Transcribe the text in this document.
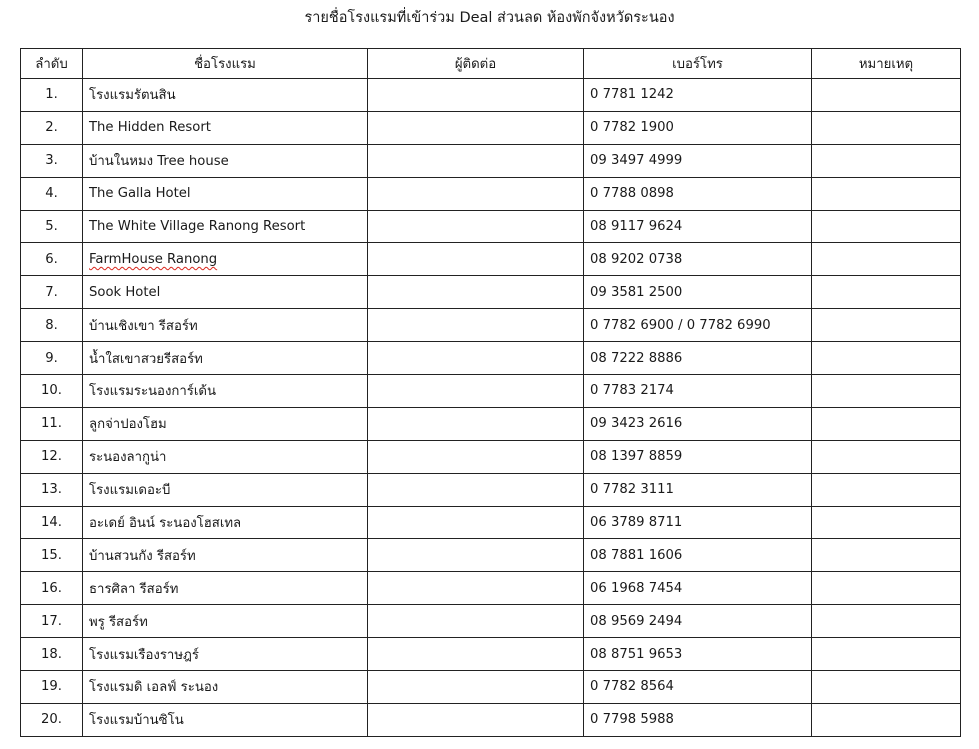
รายชื่อโรงแรมที่เข้าร่วม Deal ส่วนลด ห้องพักจังหวัดระนอง
ลำดับ	ชื่อโรงแรม	ผู้ติดต่อ	เบอร์โทร	หมายเหตุ
1.	โรงแรมรัตนสิน		0 7781 1242	
2.	The Hidden Resort		0 7782 1900	
3.	บ้านในหมง Tree house		09 3497 4999	
4.	The Galla Hotel		0 7788 0898	
5.	The White Village Ranong Resort		08 9117 9624	
6.	FarmHouse Ranong		08 9202 0738	
7.	Sook Hotel		09 3581 2500	
8.	บ้านเชิงเขา รีสอร์ท		0 7782 6900 / 0 7782 6990	
9.	น้ำใสเขาสวยรีสอร์ท		08 7222 8886	
10.	โรงแรมระนองการ์เด้น		0 7783 2174	
11.	ลูกจ่าปองโฮม		09 3423 2616	
12.	ระนองลากูน่า		08 1397 8859	
13.	โรงแรมเดอะบี		0 7782 3111	
14.	อะเดย์ อินน์ ระนองโฮสเทล		06 3789 8711	
15.	บ้านสวนกัง รีสอร์ท		08 7881 1606	
16.	ธารศิลา รีสอร์ท		06 1968 7454	
17.	พรู รีสอร์ท		08 9569 2494	
18.	โรงแรมเรืองราษฎร์		08 8751 9653	
19.	โรงแรมดิ เอลฟ์ ระนอง		0 7782 8564	
20.	โรงแรมบ้านซิโน		0 7798 5988	
